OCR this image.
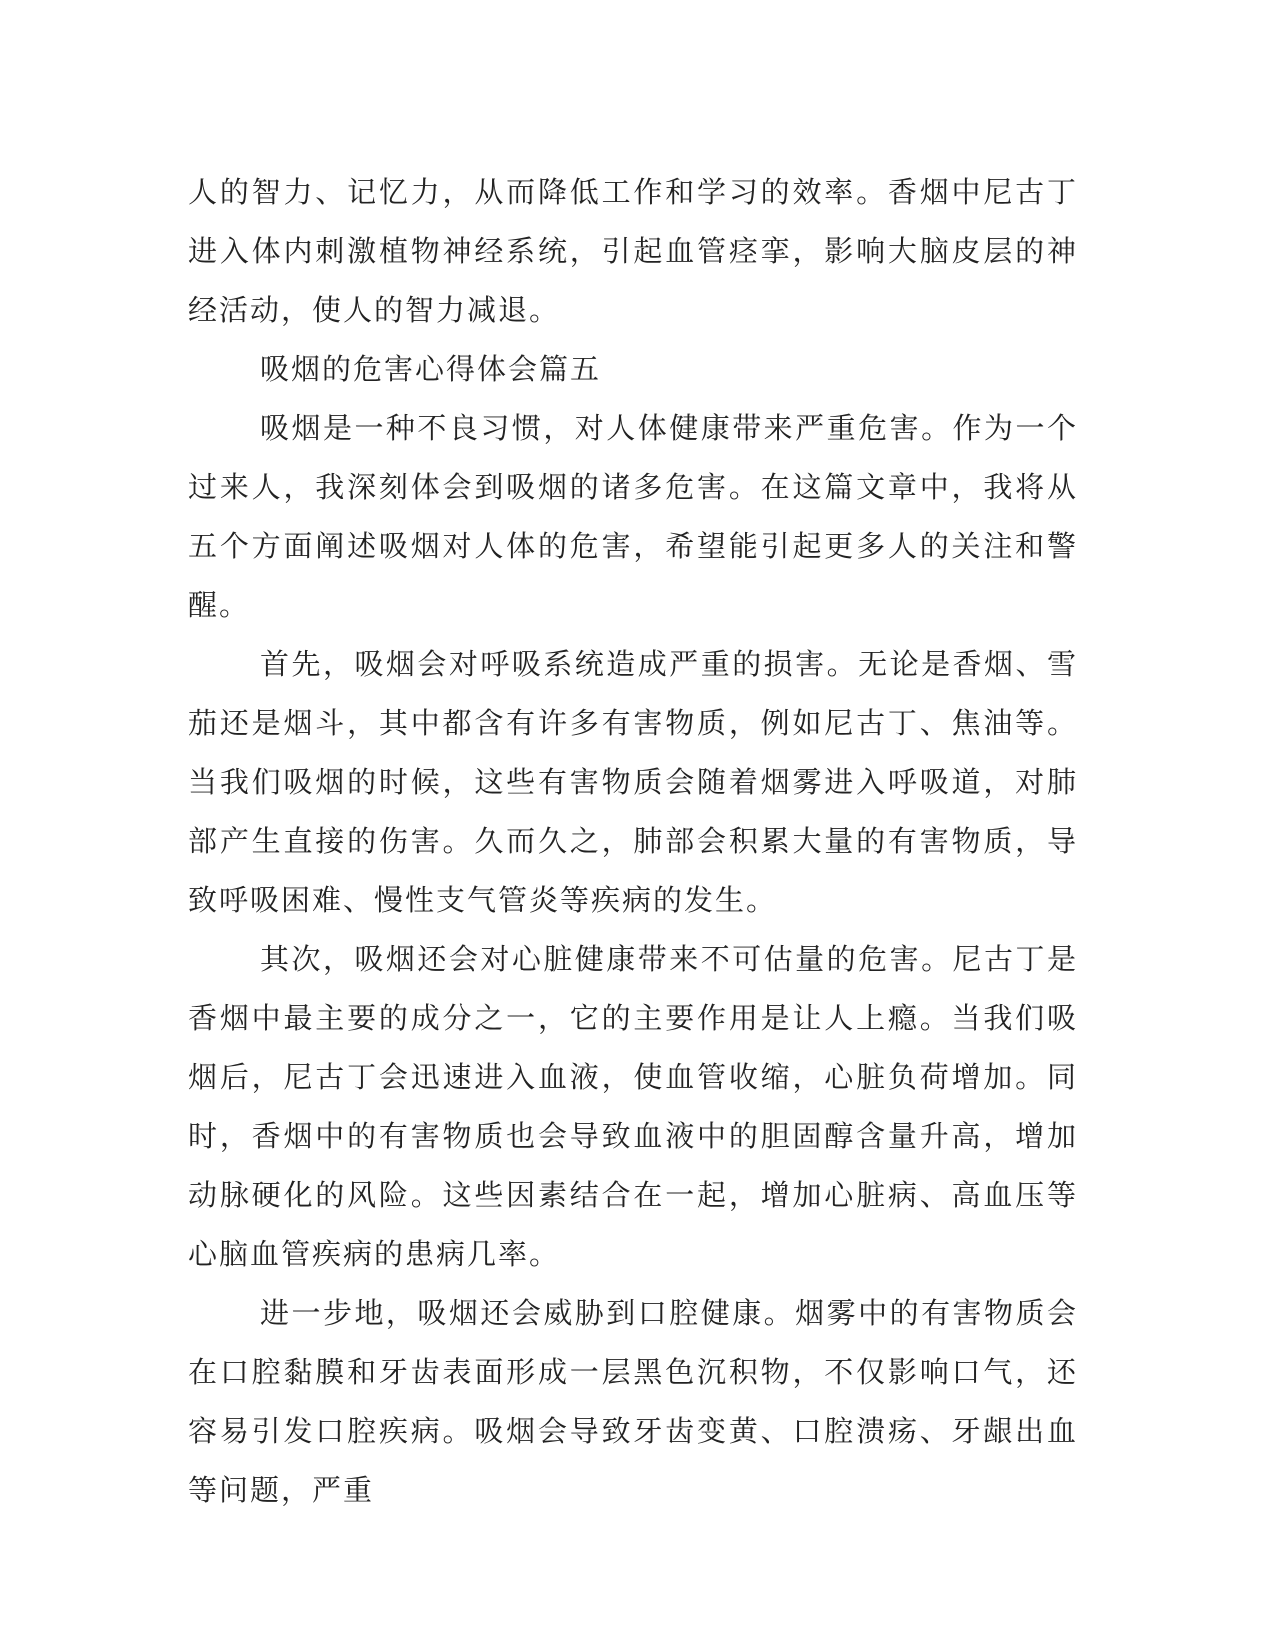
人的智力、记忆力，从而降低工作和学习的效率。香烟中尼古丁进入体内刺激植物神经系统，引起血管痉挛，影响大脑皮层的神经活动，使人的智力减退。

吸烟的危害心得体会篇五

吸烟是一种不良习惯，对人体健康带来严重危害。作为一个过来人，我深刻体会到吸烟的诸多危害。在这篇文章中，我将从五个方面阐述吸烟对人体的危害，希望能引起更多人的关注和警醒。

首先，吸烟会对呼吸系统造成严重的损害。无论是香烟、雪茄还是烟斗，其中都含有许多有害物质，例如尼古丁、焦油等。当我们吸烟的时候，这些有害物质会随着烟雾进入呼吸道，对肺部产生直接的伤害。久而久之，肺部会积累大量的有害物质，导致呼吸困难、慢性支气管炎等疾病的发生。

其次，吸烟还会对心脏健康带来不可估量的危害。尼古丁是香烟中最主要的成分之一，它的主要作用是让人上瘾。当我们吸烟后，尼古丁会迅速进入血液，使血管收缩，心脏负荷增加。同时，香烟中的有害物质也会导致血液中的胆固醇含量升高，增加动脉硬化的风险。这些因素结合在一起，增加心脏病、高血压等心脑血管疾病的患病几率。

进一步地，吸烟还会威胁到口腔健康。烟雾中的有害物质会在口腔黏膜和牙齿表面形成一层黑色沉积物，不仅影响口气，还容易引发口腔疾病。吸烟会导致牙齿变黄、口腔溃疡、牙龈出血等问题，严重
